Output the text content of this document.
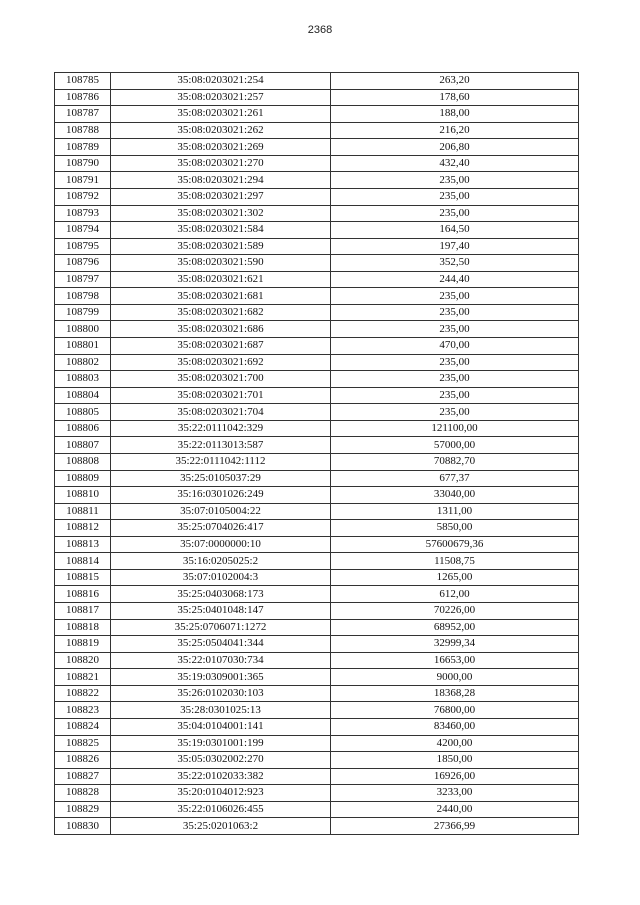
2368
108785	35:08:0203021:254	263,20
108786	35:08:0203021:257	178,60
108787	35:08:0203021:261	188,00
108788	35:08:0203021:262	216,20
108789	35:08:0203021:269	206,80
108790	35:08:0203021:270	432,40
108791	35:08:0203021:294	235,00
108792	35:08:0203021:297	235,00
108793	35:08:0203021:302	235,00
108794	35:08:0203021:584	164,50
108795	35:08:0203021:589	197,40
108796	35:08:0203021:590	352,50
108797	35:08:0203021:621	244,40
108798	35:08:0203021:681	235,00
108799	35:08:0203021:682	235,00
108800	35:08:0203021:686	235,00
108801	35:08:0203021:687	470,00
108802	35:08:0203021:692	235,00
108803	35:08:0203021:700	235,00
108804	35:08:0203021:701	235,00
108805	35:08:0203021:704	235,00
108806	35:22:0111042:329	121100,00
108807	35:22:0113013:587	57000,00
108808	35:22:0111042:1112	70882,70
108809	35:25:0105037:29	677,37
108810	35:16:0301026:249	33040,00
108811	35:07:0105004:22	1311,00
108812	35:25:0704026:417	5850,00
108813	35:07:0000000:10	57600679,36
108814	35:16:0205025:2	11508,75
108815	35:07:0102004:3	1265,00
108816	35:25:0403068:173	612,00
108817	35:25:0401048:147	70226,00
108818	35:25:0706071:1272	68952,00
108819	35:25:0504041:344	32999,34
108820	35:22:0107030:734	16653,00
108821	35:19:0309001:365	9000,00
108822	35:26:0102030:103	18368,28
108823	35:28:0301025:13	76800,00
108824	35:04:0104001:141	83460,00
108825	35:19:0301001:199	4200,00
108826	35:05:0302002:270	1850,00
108827	35:22:0102033:382	16926,00
108828	35:20:0104012:923	3233,00
108829	35:22:0106026:455	2440,00
108830	35:25:0201063:2	27366,99
